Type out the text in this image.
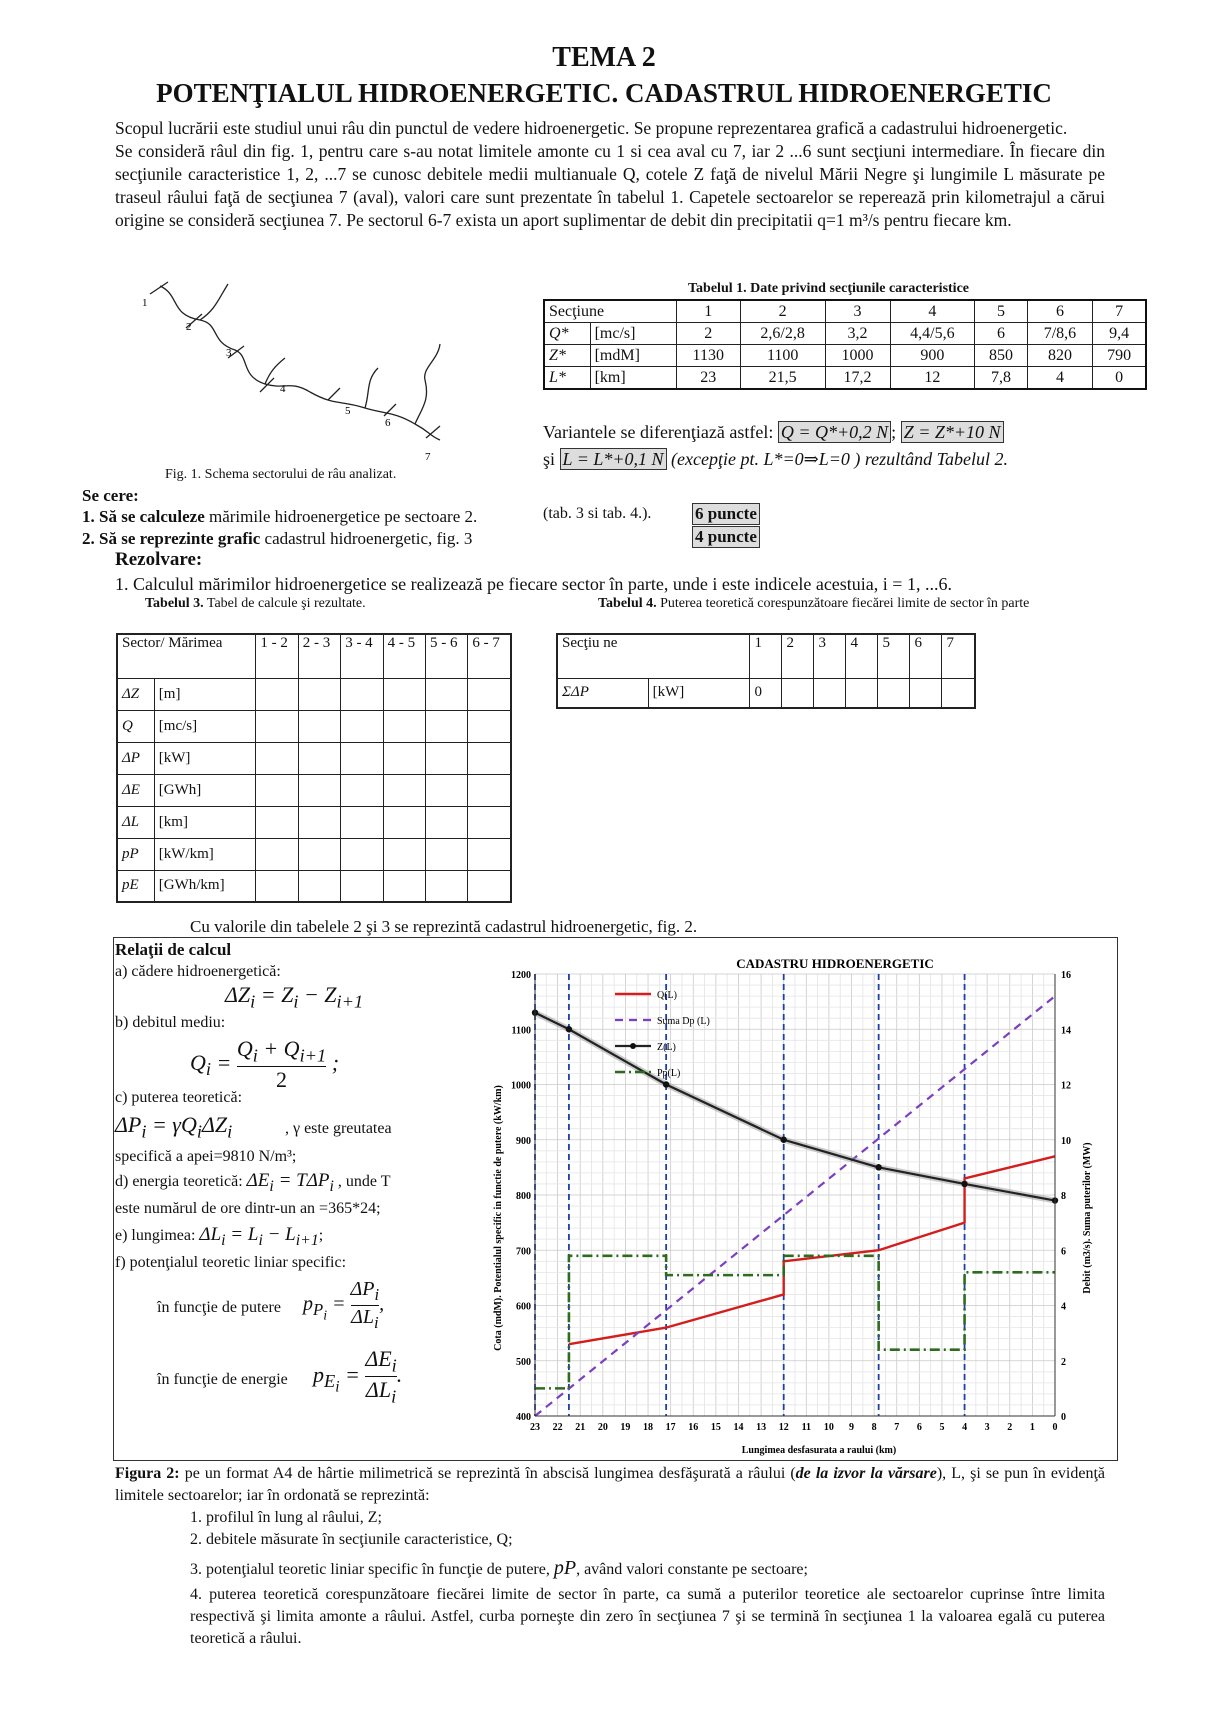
TEMA 2
POTENŢIALUL HIDROENERGETIC. CADASTRUL HIDROENERGETIC
Scopul lucrării este studiul unui râu din punctul de vedere hidroenergetic. Se propune reprezentarea grafică a cadastrului hidroenergetic.
Se consideră râul din fig. 1, pentru care s-au notat limitele amonte cu 1 si cea aval cu 7, iar 2 ...6 sunt secţiuni intermediare. În fiecare din secţiunile caracteristice 1, 2, ...7 se cunosc debitele medii multianuale Q, cotele Z faţă de nivelul Mării Negre şi lungimile L măsurate pe traseul râului faţă de secţiunea 7 (aval), valori care sunt prezentate în tabelul 1. Capetele sectoarelor se reperează prin kilometrajul a cărui origine se consideră secţiunea 7. Pe sectorul 6-7 exista un aport suplimentar de debit din precipitatii q=1 m³/s pentru fiecare km.
1
2
3
4
5
6
7
Fig. 1. Schema sectorului de râu analizat.
Tabelul 1. Date privind secţiunile caracteristice
Secţiune		1	2	3	4	5	6	7
Q*	[mc/s]	2	2,6/2,8	3,2	4,4/5,6	6	7/8,6	9,4
Z*	[mdM]	1130	1100	1000	900	850	820	790
L*	[km]	23	21,5	17,2	12	7,8	4	0
Variantele se diferenţiază astfel: Q = Q*+0,2 N ; Z = Z*+10 N
şi L = L*+0,1 N (excepţie pt. L*=0⇒L=0 ) rezultând Tabelul 2.
Se cere:
1. Să se calculeze mărimile hidroenergetice pe sectoare 2.	(tab. 3 si tab. 4.).	6 puncte
2. Să se reprezinte grafic cadastrul hidroenergetic, fig. 3	4 puncte
Rezolvare:
1. Calculul mărimilor hidroenergetice se realizează pe fiecare sector în parte, unde i este indicele acestuia, i = 1, ...6.
Tabelul 3. Tabel de calcule şi rezultate.	Tabelul 4. Puterea teoretică corespunzătoare fiecărei limite de sector în parte
Sector/ Mărimea		1 - 2	2 - 3	3 - 4	4 - 5	5 - 6	6 - 7
ΔZ	[m]						
Q	[mc/s]						
ΔP	[kW]						
ΔE	[GWh]						
ΔL	[km]						
pP	[kW/km]						
pE	[GWh/km]						
Secţiu ne		1	2	3	4	5	6	7
ΣΔP	[kW]	0						
Cu valorile din tabelele 2 şi 3 se reprezintă cadastrul hidroenergetic, fig. 2.
Relaţii de calcul
a) cădere hidroenergetică:
$\Delta Z_i = Z_i - Z_{i+1}$
b) debitul mediu:
$Q_i = \frac{Q_i + Q_{i+1}}{2}$ ;
c) puterea teoretică:
$\Delta P_i = \gamma Q_i\Delta Z_i$	, γ este greutatea
specifică a apei=9810 N/m³;
d) energia teoretică: $\Delta E_i = T\Delta P_i$ , unde T
este numărul de ore dintr-un an =365*24;
e) lungimea: $\Delta L_i = L_i - L_{i+1}$;
f) potenţialul teoretic liniar specific:
în funcţie de putere $p_{P_i}$ =
$\Delta P_i$
$\Delta L_i$
,
în funcţie de energie $p_{E_i}$ =
$\Delta E_i$
$\Delta L_i$
.
CADASTRU HIDROENERGETIC
23 22 21 20 19 18 17 16 15 14 13 12 11 10 9 8 7 6 5 4 3 2 1 0
400
500
600
700
800
900
1000
1100
1200
0
2
4
6
8
10
12
14
16
Q(L)
Suma Dp (L)
Z(L)
Pp(L)
Cota (mdM). Potentialul specific in functie de putere (kW/km)	Debit (m3/s). Suma puterilor (MW)
Lungimea desfasurata a raului (km)
Figura 2: pe un format A4 de hârtie milimetrică se reprezintă în abscisă lungimea desfăşurată a râului (de la izvor la vărsare), L, şi se pun în evidenţă limitele sectoarelor; iar în ordonată se reprezintă:
1. profilul în lung al râului, Z;
2. debitele măsurate în secţiunile caracteristice, Q;
3. potenţialul teoretic liniar specific în funcţie de putere, pP, având valori constante pe sectoare;
4. puterea teoretică corespunzătoare fiecărei limite de sector în parte, ca sumă a puterilor teoretice ale sectoarelor cuprinse între limita respectivă şi limita amonte a râului. Astfel, curba porneşte din zero în secţiunea 7 şi se termină în secţiunea 1 la valoarea egală cu puterea teoretică a râului.
